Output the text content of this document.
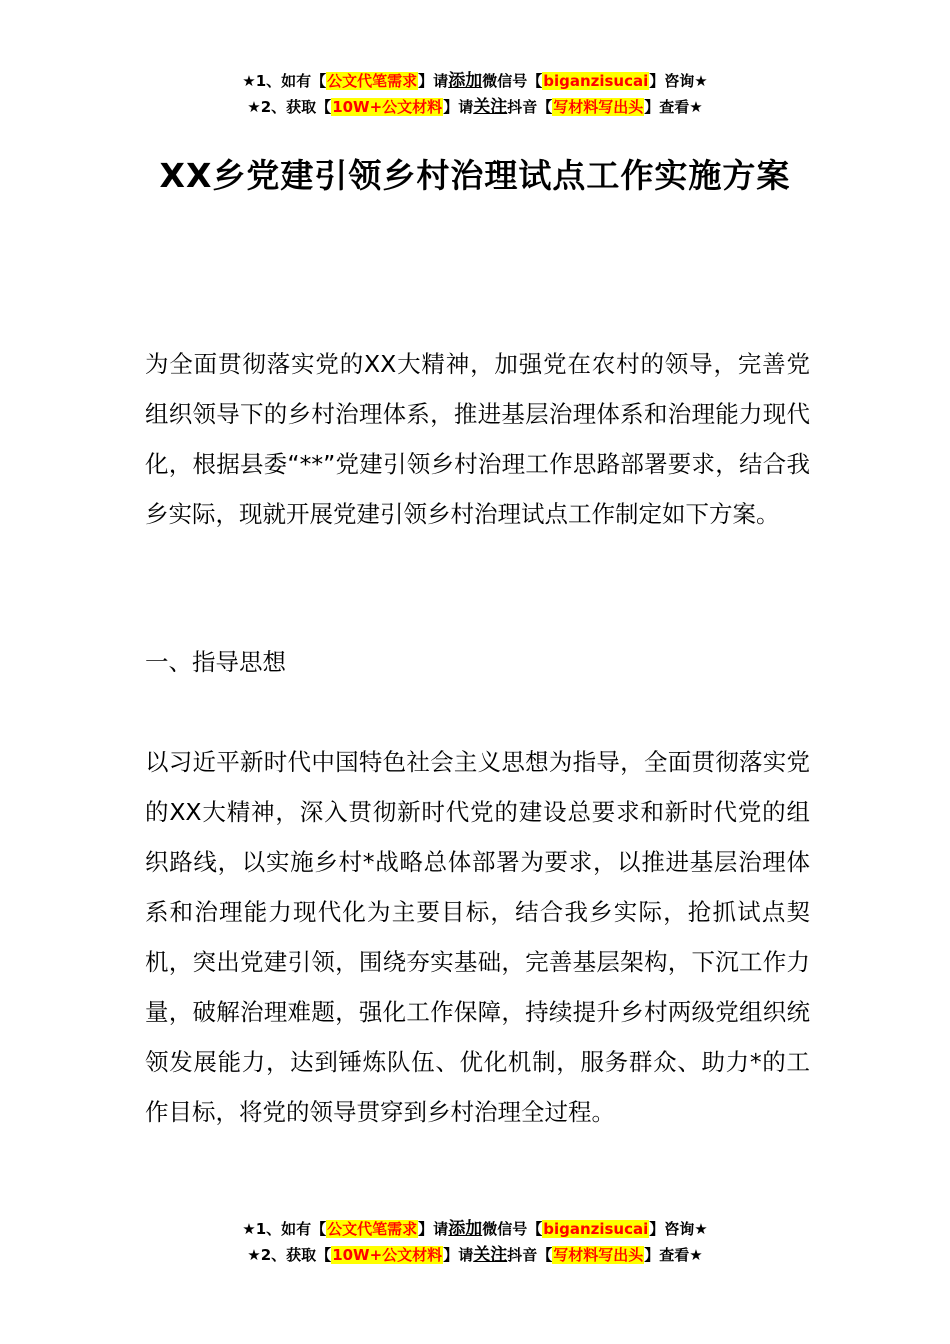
★1、如有【公文代笔需求】请添加微信号【biganzisucai】咨询★
★2、获取【10W+公文材料】请关注抖音【写材料写出头】查看★
XX乡党建引领乡村治理试点工作实施方案

为全面贯彻落实党的XX大精神，加强党在农村的领导，完善党组织领导下的乡村治理体系，推进基层治理体系和治理能力现代化，根据县委“**”党建引领乡村治理工作思路部署要求，结合我乡实际，现就开展党建引领乡村治理试点工作制定如下方案。

一、指导思想

以习近平新时代中国特色社会主义思想为指导，全面贯彻落实党的XX大精神，深入贯彻新时代党的建设总要求和新时代党的组织路线，以实施乡村*战略总体部署为要求，以推进基层治理体系和治理能力现代化为主要目标，结合我乡实际，抢抓试点契机，突出党建引领，围绕夯实基础，完善基层架构，下沉工作力量，破解治理难题，强化工作保障，持续提升乡村两级党组织统领发展能力，达到锤炼队伍、优化机制，服务群众、助力*的工作目标，将党的领导贯穿到乡村治理全过程。

★1、如有【公文代笔需求】请添加微信号【biganzisucai】咨询★
★2、获取【10W+公文材料】请关注抖音【写材料写出头】查看★
